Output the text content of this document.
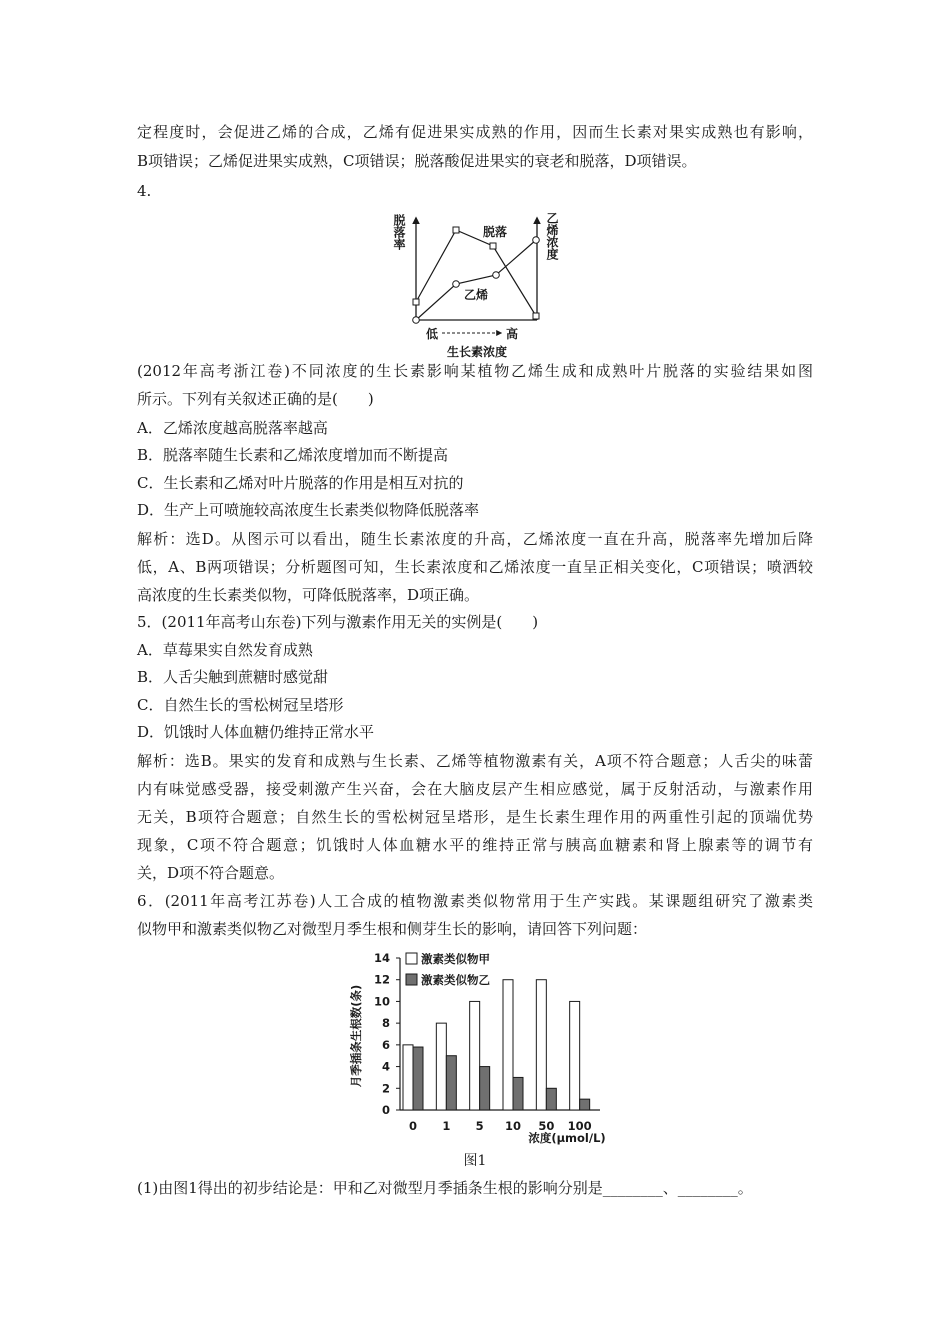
定程度时，会促进乙烯的合成，乙烯有促进果实成熟的作用，因而生长素对果实成熟也有影响，
B项错误；乙烯促进果实成熟，C项错误；脱落酸促进果实的衰老和脱落，D项错误。
4.
脱落率	乙烯浓度
脱落
乙烯
低	高
生长素浓度
(2012年高考浙江卷)不同浓度的生长素影响某植物乙烯生成和成熟叶片脱落的实验结果如图
所示。下列有关叙述正确的是(　　)
A．乙烯浓度越高脱落率越高
B．脱落率随生长素和乙烯浓度增加而不断提高
C．生长素和乙烯对叶片脱落的作用是相互对抗的
D．生产上可喷施较高浓度生长素类似物降低脱落率
解析：选D。从图示可以看出，随生长素浓度的升高，乙烯浓度一直在升高，脱落率先增加后降
低，A、B两项错误；分析题图可知，生长素浓度和乙烯浓度一直呈正相关变化，C项错误；喷洒较
高浓度的生长素类似物，可降低脱落率，D项正确。
5．(2011年高考山东卷)下列与激素作用无关的实例是(　　)
A．草莓果实自然发育成熟
B．人舌尖触到蔗糖时感觉甜
C．自然生长的雪松树冠呈塔形
D．饥饿时人体血糖仍维持正常水平
解析：选B。果实的发育和成熟与生长素、乙烯等植物激素有关，A项不符合题意；人舌尖的味蕾
内有味觉感受器，接受刺激产生兴奋，会在大脑皮层产生相应感觉，属于反射活动，与激素作用
无关，B项符合题意；自然生长的雪松树冠呈塔形，是生长素生理作用的两重性引起的顶端优势
现象，C项不符合题意；饥饿时人体血糖水平的维持正常与胰高血糖素和肾上腺素等的调节有
关，D项不符合题意。
6．(2011年高考江苏卷)人工合成的植物激素类似物常用于生产实践。某课题组研究了激素类
似物甲和激素类似物乙对微型月季生根和侧芽生长的影响，请回答下列问题：
0
2
4
6
8
10
12
14
0 1 5 10 50 100
月季插条生根数(条)
浓度(μmol/L)
激素类似物甲
激素类似物乙
图1
(1)由图1得出的初步结论是：甲和乙对微型月季插条生根的影响分别是________、________。
